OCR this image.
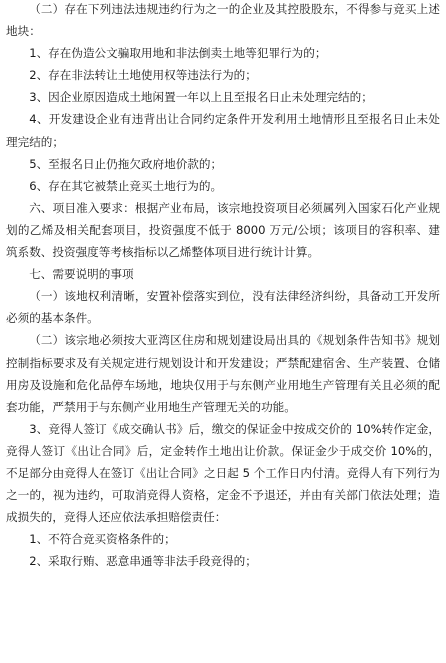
（二）存在下列违法违规违约行为之一的企业及其控股股东，不得参与竞买上述地块：

1、存在伪造公文骗取用地和非法倒卖土地等犯罪行为的；

2、存在非法转让土地使用权等违法行为的；

3、因企业原因造成土地闲置一年以上且至报名日止未处理完结的；

4、开发建设企业有违背出让合同约定条件开发利用土地情形且至报名日止未处理完结的；

5、至报名日止仍拖欠政府地价款的；

6、存在其它被禁止竞买土地行为的。

六、项目准入要求：根据产业布局，该宗地投资项目必须属列入国家石化产业规划的乙烯及相关配套项目，投资强度不低于 8000 万元/公顷；该项目的容积率、建筑系数、投资强度等考核指标以乙烯整体项目进行统计计算。

七、需要说明的事项

（一）该地权利清晰，安置补偿落实到位，没有法律经济纠纷，具备动工开发所必须的基本条件。

（二）该宗地必须按大亚湾区住房和规划建设局出具的《规划条件告知书》规划控制指标要求及有关规定进行规划设计和开发建设；严禁配建宿舍、生产装置、仓储用房及设施和危化品停车场地，地块仅用于与东侧产业用地生产管理有关且必须的配套功能，严禁用于与东侧产业用地生产管理无关的功能。

3、竞得人签订《成交确认书》后，缴交的保证金中按成交价的 10%转作定金，竞得人签订《出让合同》后，定金转作土地出让价款。保证金少于成交价 10%的，不足部分由竞得人在签订《出让合同》之日起 5 个工作日内付清。竞得人有下列行为之一的，视为违约，可取消竞得人资格，定金不予退还，并由有关部门依法处理；造成损失的，竞得人还应依法承担赔偿责任：

1、不符合竞买资格条件的；

2、采取行贿、恶意串通等非法手段竞得的；
